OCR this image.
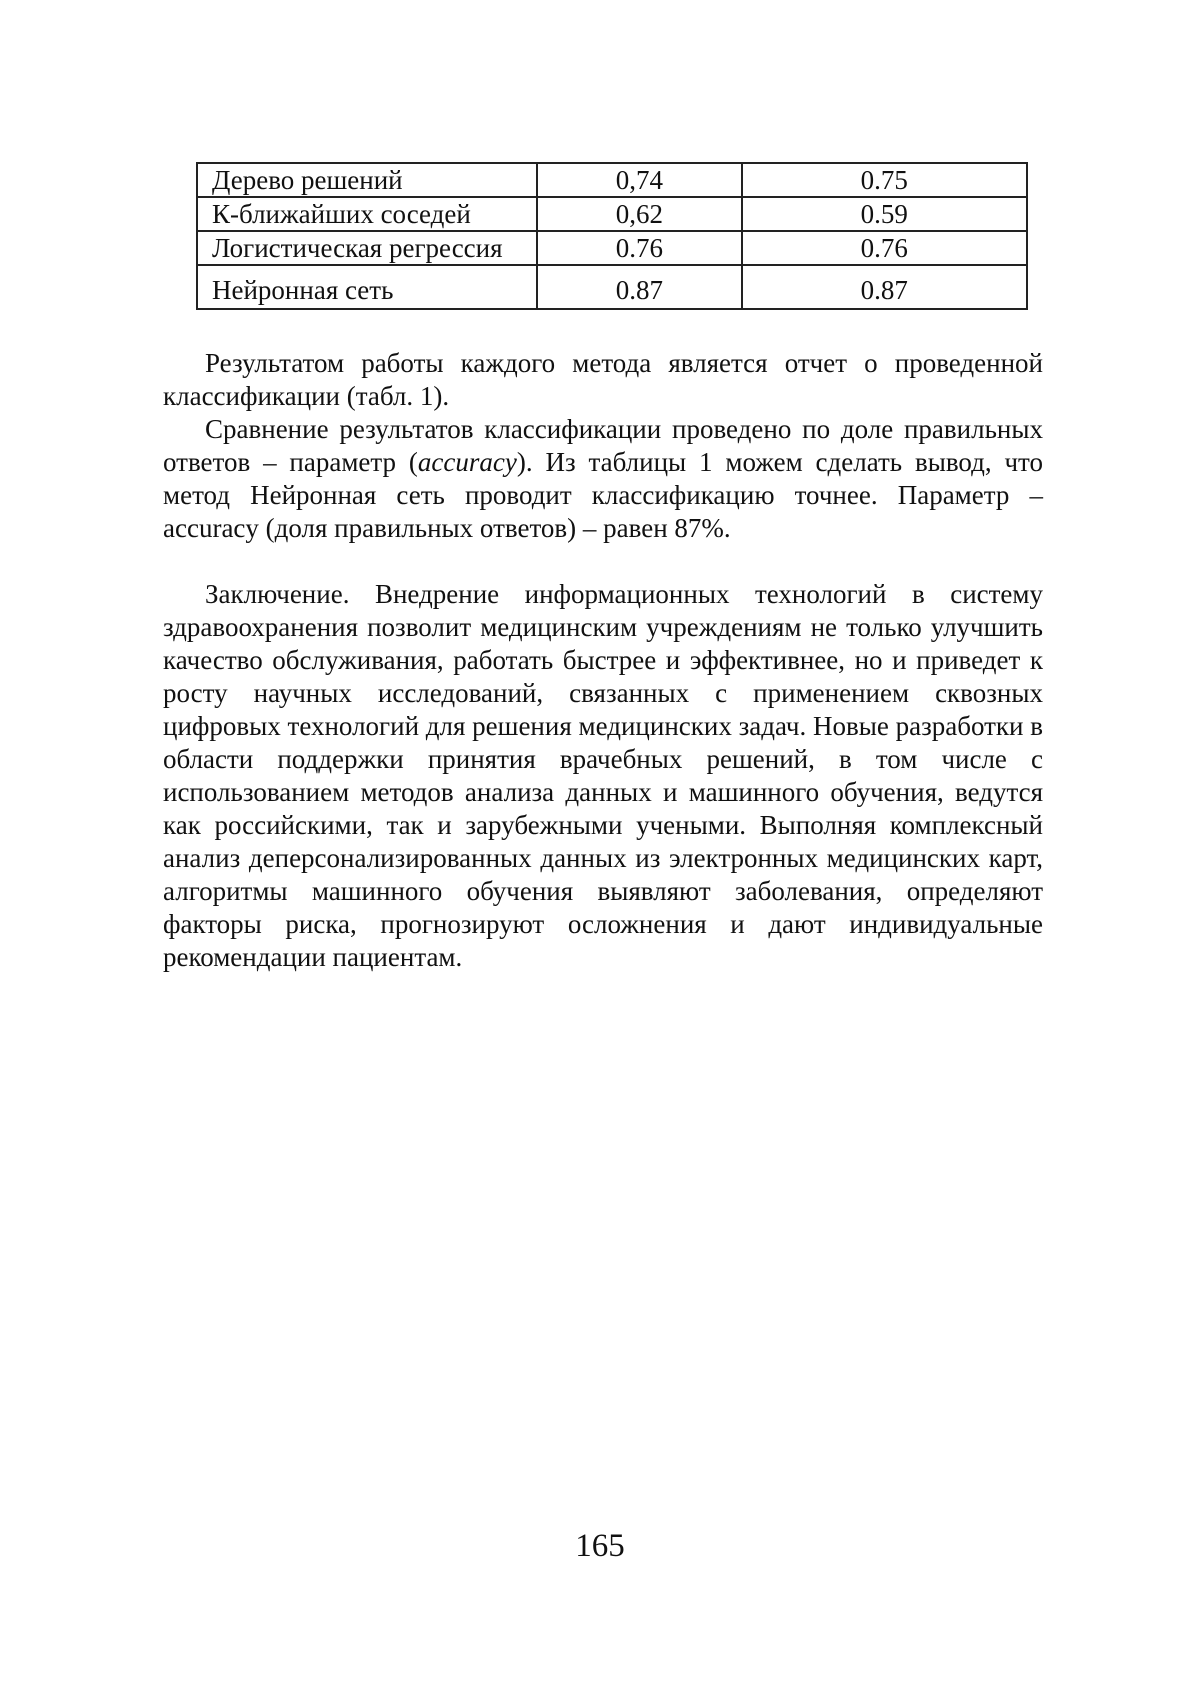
Дерево решений	0,74	0.75
К-ближайших соседей	0,62	0.59
Логистическая регрессия	0.76	0.76
Нейронная сеть	0.87	0.87

Результатом работы каждого метода является отчет о проведенной классификации (табл. 1).

Сравнение результатов классификации проведено по доле правильных ответов – параметр (accuracy). Из таблицы 1 можем сделать вывод, что метод Нейронная сеть проводит классификацию точнее. Параметр – accuracy (доля правильных ответов) – равен 87%.

Заключение. Внедрение информационных технологий в систему здравоохранения позволит медицинским учреждениям не только улучшить качество обслуживания, работать быстрее и эффективнее, но и приведет к росту научных исследований, связанных с применением сквозных цифровых технологий для решения медицинских задач. Новые разработки в области поддержки принятия врачебных решений, в том числе с использованием методов анализа данных и машинного обучения, ведутся как российскими, так и зарубежными учеными. Выполняя комплексный анализ деперсонализированных данных из электронных медицинских карт, алгоритмы машинного обучения выявляют заболевания, определяют факторы риска, прогнозируют осложнения и дают индивидуальные рекомендации пациентам.

165
